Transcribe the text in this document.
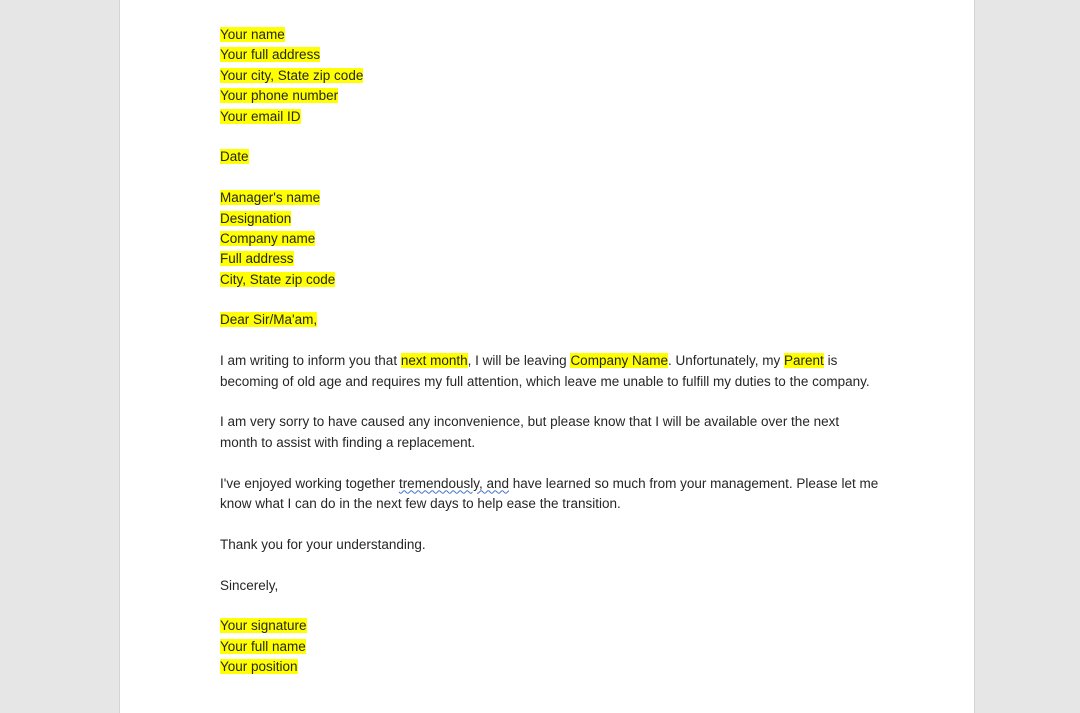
Your name
Your full address
Your city, State zip code
Your phone number
Your email ID
Date
Manager's name
Designation
Company name
Full address
City, State zip code
Dear Sir/Ma'am,
I am writing to inform you that next month, I will be leaving Company Name. Unfortunately, my Parent is becoming of old age and requires my full attention, which leave me unable to fulfill my duties to the company.
I am very sorry to have caused any inconvenience, but please know that I will be available over the next month to assist with finding a replacement.
I've enjoyed working together tremendously, and have learned so much from your management. Please let me know what I can do in the next few days to help ease the transition.
Thank you for your understanding.
Sincerely,
Your signature
Your full name
Your position
